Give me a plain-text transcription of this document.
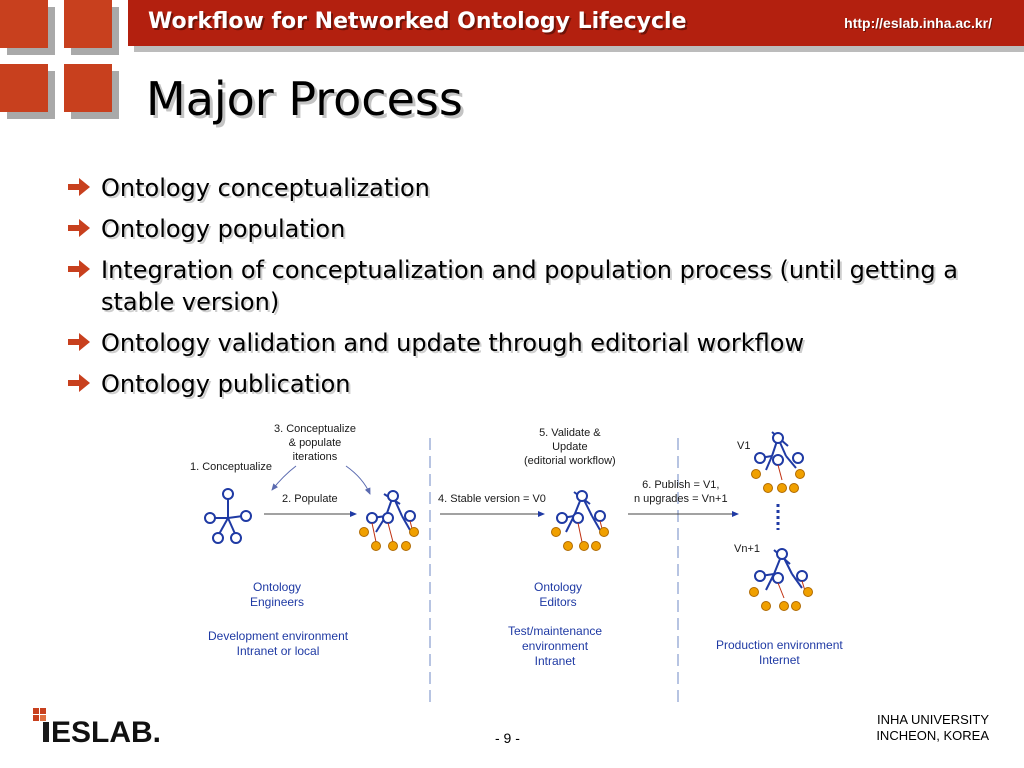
Workflow for Networked Ontology Lifecycle	http://eslab.inha.ac.kr/
Major Process
Ontology conceptualization
Ontology population
Integration of conceptualization and population process (until getting a stable version)
Ontology validation and update through editorial workflow
Ontology publication
1. Conceptualize
2. Populate
3. Conceptualize
& populate
iterations
4. Stable version = V0
5. Validate &
Update
(editorial workflow)
6. Publish = V1,
n upgrades = Vn+1
V1
Vn+1
Ontology
Engineers
Development environment
Intranet or local
Ontology
Editors
Test/maintenance
environment
Intranet
Production environment
Internet
ESLAB.	- 9 -
INHA UNIVERSITY
INCHEON, KOREA
